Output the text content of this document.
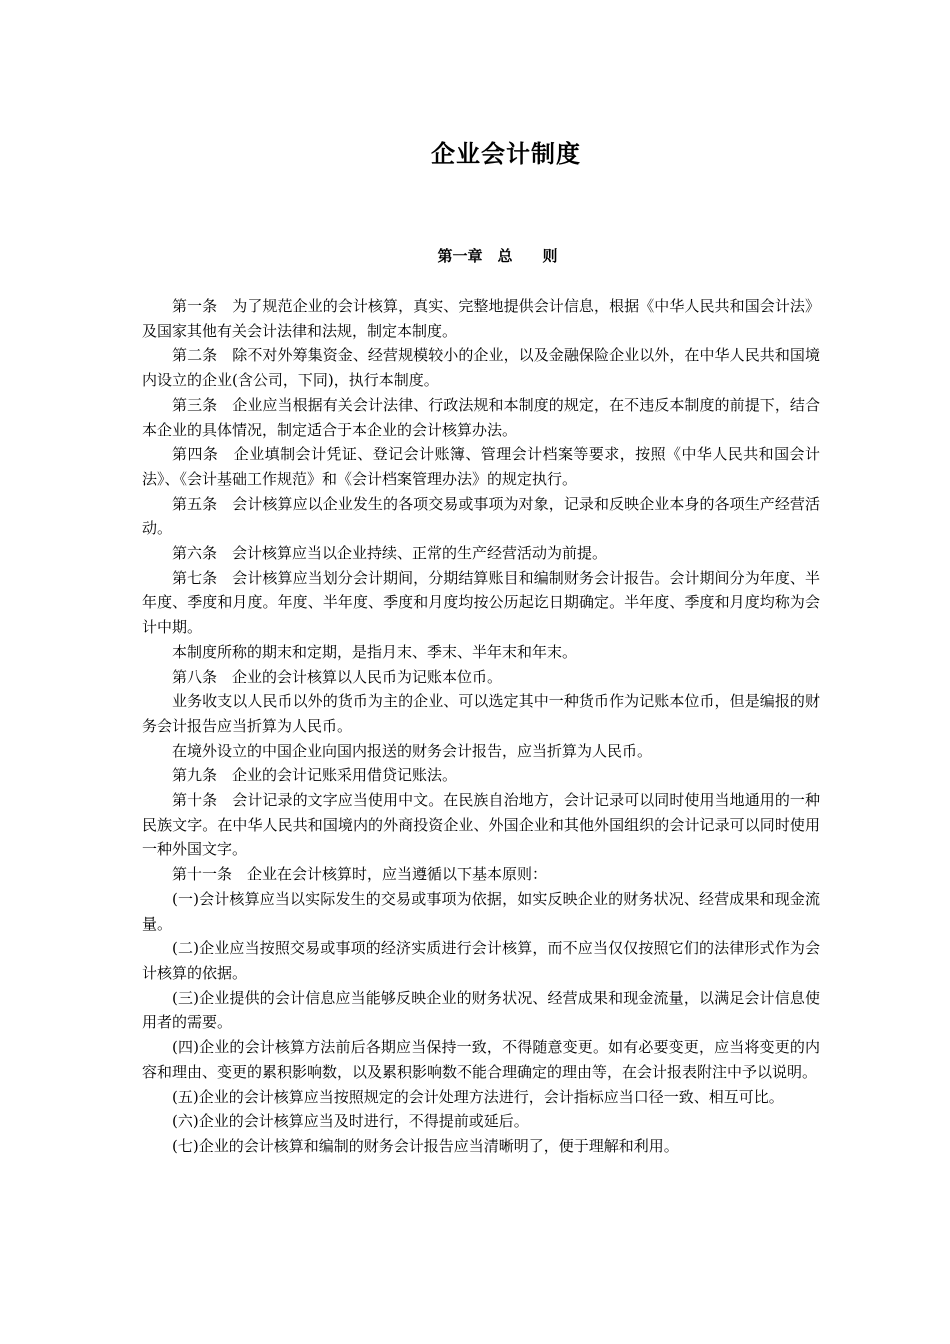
企业会计制度
第一章　总　　则

第一条　为了规范企业的会计核算，真实、完整地提供会计信息，根据《中华人民共和国会计法》及国家其他有关会计法律和法规，制定本制度。

第二条　除不对外筹集资金、经营规模较小的企业，以及金融保险企业以外，在中华人民共和国境内设立的企业(含公司，下同)，执行本制度。

第三条　企业应当根据有关会计法律、行政法规和本制度的规定，在不违反本制度的前提下，结合本企业的具体情况，制定适合于本企业的会计核算办法。

第四条　企业填制会计凭证、登记会计账簿、管理会计档案等要求，按照《中华人民共和国会计法》、《会计基础工作规范》和《会计档案管理办法》的规定执行。

第五条　会计核算应以企业发生的各项交易或事项为对象，记录和反映企业本身的各项生产经营活动。

第六条　会计核算应当以企业持续、正常的生产经营活动为前提。

第七条　会计核算应当划分会计期间，分期结算账目和编制财务会计报告。会计期间分为年度、半年度、季度和月度。年度、半年度、季度和月度均按公历起讫日期确定。半年度、季度和月度均称为会计中期。

本制度所称的期末和定期，是指月末、季末、半年末和年末。

第八条　企业的会计核算以人民币为记账本位币。

业务收支以人民币以外的货币为主的企业、可以选定其中一种货币作为记账本位币，但是编报的财务会计报告应当折算为人民币。

在境外设立的中国企业向国内报送的财务会计报告，应当折算为人民币。

第九条　企业的会计记账采用借贷记账法。

第十条　会计记录的文字应当使用中文。在民族自治地方，会计记录可以同时使用当地通用的一种民族文字。在中华人民共和国境内的外商投资企业、外国企业和其他外国组织的会计记录可以同时使用一种外国文字。

第十一条　企业在会计核算时，应当遵循以下基本原则：

(一)会计核算应当以实际发生的交易或事项为依据，如实反映企业的财务状况、经营成果和现金流量。

(二)企业应当按照交易或事项的经济实质进行会计核算，而不应当仅仅按照它们的法律形式作为会计核算的依据。

(三)企业提供的会计信息应当能够反映企业的财务状况、经营成果和现金流量，以满足会计信息使用者的需要。

(四)企业的会计核算方法前后各期应当保持一致，不得随意变更。如有必要变更，应当将变更的内容和理由、变更的累积影响数，以及累积影响数不能合理确定的理由等，在会计报表附注中予以说明。

(五)企业的会计核算应当按照规定的会计处理方法进行，会计指标应当口径一致、相互可比。

(六)企业的会计核算应当及时进行，不得提前或延后。

(七)企业的会计核算和编制的财务会计报告应当清晰明了，便于理解和利用。
